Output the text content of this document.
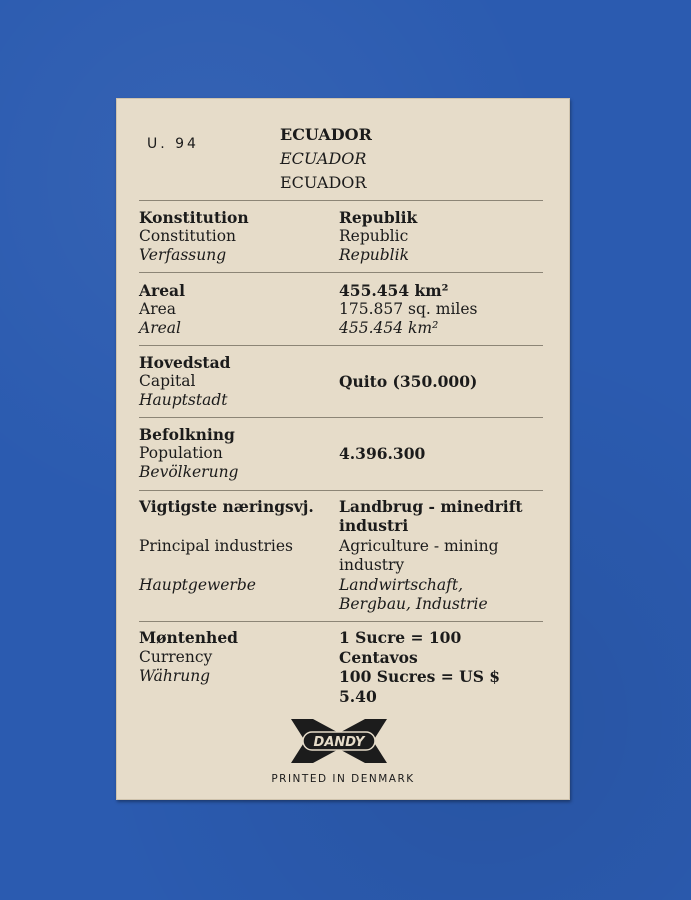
U. 94	ECUADOR
ECUADOR
ECUADOR
Konstitution
Constitution
Verfassung
Republik
Republic
Republik
Areal
Area
Areal
455.454 km²
175.857 sq. miles
455.454 km²
Hovedstad
Capital
Hauptstadt
Quito (350.000)
Befolkning
Population
Bevölkerung
4.396.300
Vigtigste næringsvj.
Principal industries
Hauptgewerbe
Landbrug - minedrift
industri
Agriculture - mining
industry
Landwirtschaft,
Bergbau, Industrie
Møntenhed
Currency
Währung
1 Sucre = 100
Centavos
100 Sucres = US $
5.40
DANDY
PRINTED IN DENMARK
